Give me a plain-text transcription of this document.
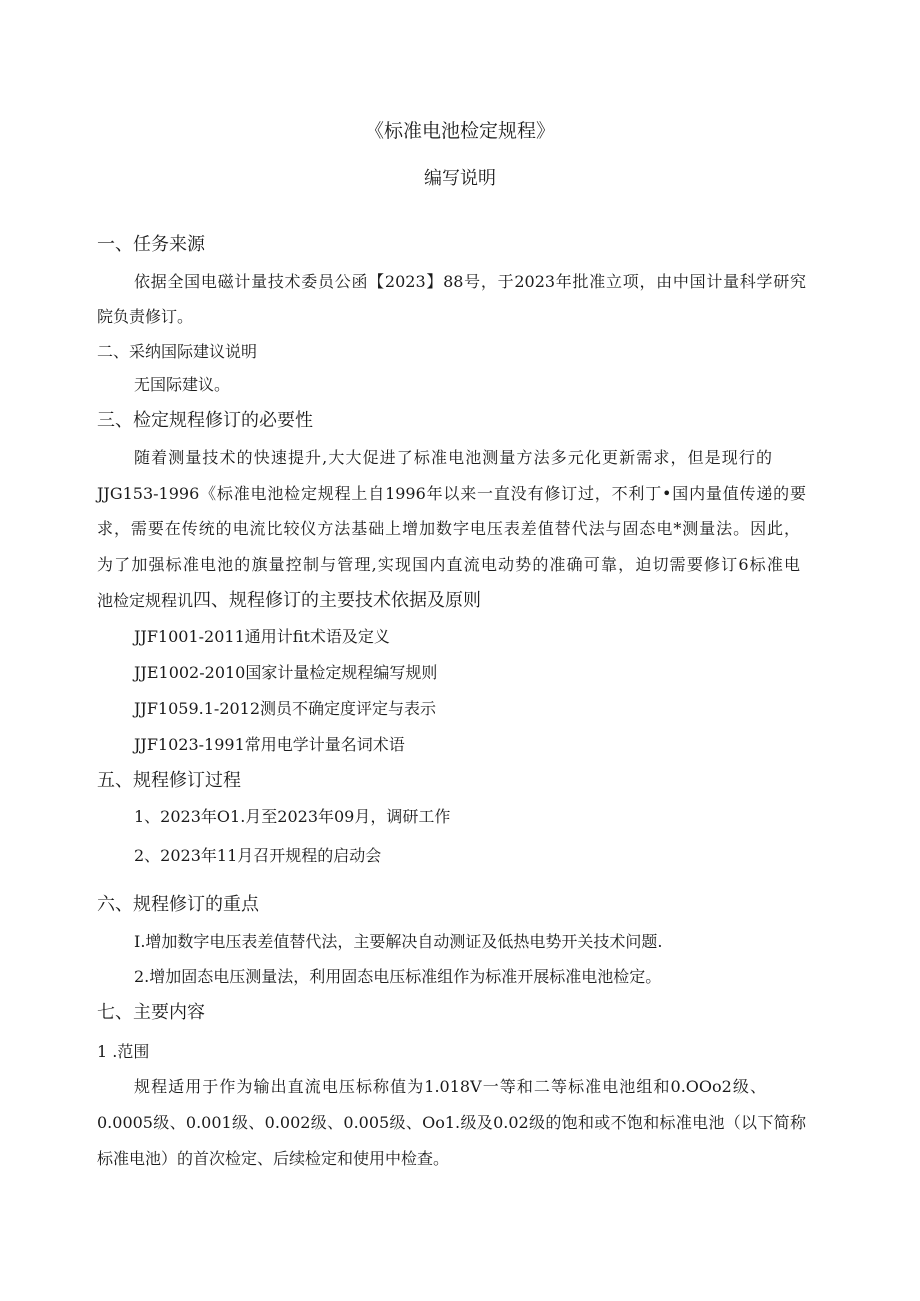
《标准电池检定规程》
编写说明
一、任务来源
依据全国电磁计量技术委员公函【2023】88号，于2023年批准立项，由中国计量科学研究
院负责修订。
二、采纳国际建议说明
无国际建议。
三、检定规程修订的必要性
随着测量技术的快速提升,大大促进了标准电池测量方法多元化更新需求，但是现行的
JJG153-1996《标准电池检定规程上自1996年以来一直没有修订过，不利丁•国内量值传递的要
求，需要在传统的电流比较仪方法基础上增加数字电压表差值替代法与固态电*测量法。因此，
为了加强标准电池的旗量控制与管理,实现国内直流电动势的准确可靠，迫切需要修订6标准电
池检定规程讥四、规程修订的主要技术依据及原则
JJF1001-2011通用计fit术语及定义
JJE1002-2010国家计量检定规程编写规则
JJF1059.1-2012测员不确定度评定与表示
JJF1023-1991常用电学计量名词术语
五、规程修订过程
1、2023年O1.月至2023年09月，调研工作
2、2023年11月召开规程的启动会
六、规程修订的重点
I.增加数字电压表差值替代法，主要解决自动测证及低热电势开关技术问题.
2.增加固态电压测量法，利用固态电压标准组作为标准开展标准电池检定。
七、主要内容
1 .范围
规程适用于作为输出直流电压标称值为1.018V一等和二等标准电池组和0.OOo2级、
0.0005级、0.001级、0.002级、0.005级、Oo1.级及0.02级的饱和或不饱和标准电池（以下简称
标准电池）的首次检定、后续检定和使用中检查。
